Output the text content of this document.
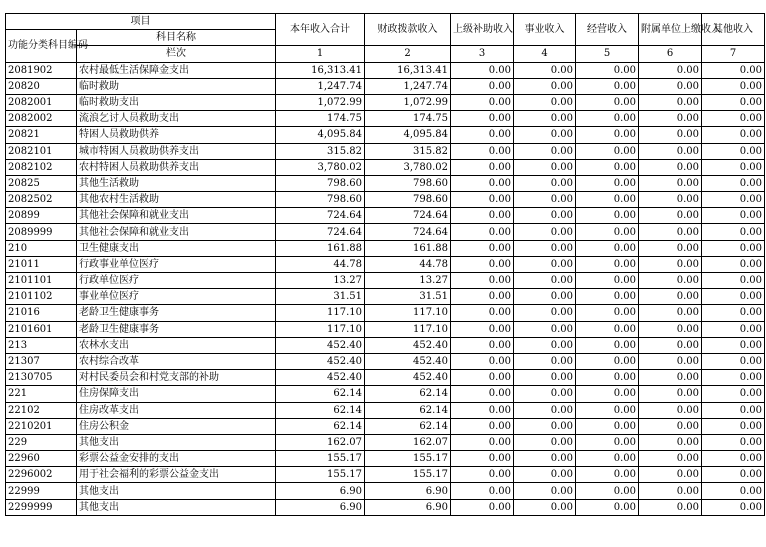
项目		本年收入合计	财政拨款收入	上级补助收入	事业收入	经营收入	附属单位上缴收入	其他收入
功能分类科目编码	科目名称							
	栏次	1	2	3	4	5	6	7
2081902	农村最低生活保障金支出	16,313.41	16,313.41	0.00	0.00	0.00	0.00	0.00
20820	临时救助	1,247.74	1,247.74	0.00	0.00	0.00	0.00	0.00
2082001	临时救助支出	1,072.99	1,072.99	0.00	0.00	0.00	0.00	0.00
2082002	流浪乞讨人员救助支出	174.75	174.75	0.00	0.00	0.00	0.00	0.00
20821	特困人员救助供养	4,095.84	4,095.84	0.00	0.00	0.00	0.00	0.00
2082101	城市特困人员救助供养支出	315.82	315.82	0.00	0.00	0.00	0.00	0.00
2082102	农村特困人员救助供养支出	3,780.02	3,780.02	0.00	0.00	0.00	0.00	0.00
20825	其他生活救助	798.60	798.60	0.00	0.00	0.00	0.00	0.00
2082502	其他农村生活救助	798.60	798.60	0.00	0.00	0.00	0.00	0.00
20899	其他社会保障和就业支出	724.64	724.64	0.00	0.00	0.00	0.00	0.00
2089999	其他社会保障和就业支出	724.64	724.64	0.00	0.00	0.00	0.00	0.00
210	卫生健康支出	161.88	161.88	0.00	0.00	0.00	0.00	0.00
21011	行政事业单位医疗	44.78	44.78	0.00	0.00	0.00	0.00	0.00
2101101	行政单位医疗	13.27	13.27	0.00	0.00	0.00	0.00	0.00
2101102	事业单位医疗	31.51	31.51	0.00	0.00	0.00	0.00	0.00
21016	老龄卫生健康事务	117.10	117.10	0.00	0.00	0.00	0.00	0.00
2101601	老龄卫生健康事务	117.10	117.10	0.00	0.00	0.00	0.00	0.00
213	农林水支出	452.40	452.40	0.00	0.00	0.00	0.00	0.00
21307	农村综合改革	452.40	452.40	0.00	0.00	0.00	0.00	0.00
2130705	对村民委员会和村党支部的补助	452.40	452.40	0.00	0.00	0.00	0.00	0.00
221	住房保障支出	62.14	62.14	0.00	0.00	0.00	0.00	0.00
22102	住房改革支出	62.14	62.14	0.00	0.00	0.00	0.00	0.00
2210201	住房公积金	62.14	62.14	0.00	0.00	0.00	0.00	0.00
229	其他支出	162.07	162.07	0.00	0.00	0.00	0.00	0.00
22960	彩票公益金安排的支出	155.17	155.17	0.00	0.00	0.00	0.00	0.00
2296002	用于社会福利的彩票公益金支出	155.17	155.17	0.00	0.00	0.00	0.00	0.00
22999	其他支出	6.90	6.90	0.00	0.00	0.00	0.00	0.00
2299999	其他支出	6.90	6.90	0.00	0.00	0.00	0.00	0.00
